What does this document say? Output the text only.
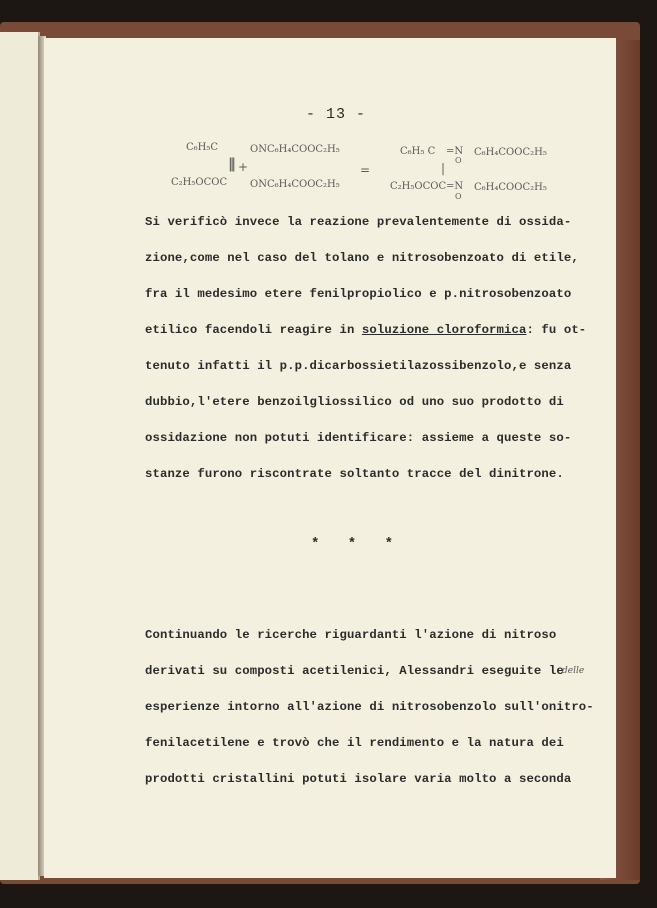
- 13 -
C₆H₅C
C₂H₅OCOC
||| +
ONC₆H₄COOC₂H₅
ONC₆H₄COOC₂H₅
=
C₆H₅ C =N
O
C₆H₄COOC₂H₅
|
C₂H₅OCOC =N
O
C₆H₄COOC₂H₅
Si verificò invece la reazione prevalentemente di ossida-
zione,come nel caso del tolano e nitrosobenzoato di etile,
fra il medesimo etere fenilpropiolico e p.nitrosobenzoato
etilico facendoli reagire in soluzione cloroformica: fu ot-
tenuto infatti il p.p.dicarbossietilazossibenzolo,e senza
dubbio,l'etere benzoilgliossilico od uno suo prodotto di
ossidazione non potuti identificare: assieme a queste so-
stanze furono riscontrate soltanto tracce del dinitrone.
* * *
Continuando le ricerche riguardanti l'azione di nitroso
derivati su composti acetilenici, Alessandri eseguite le
esperienze intorno all'azione di nitrosobenzolo sull'onitro-
fenilacetilene e trovò che il rendimento e la natura dei
prodotti cristallini potuti isolare varia molto a seconda
delle
